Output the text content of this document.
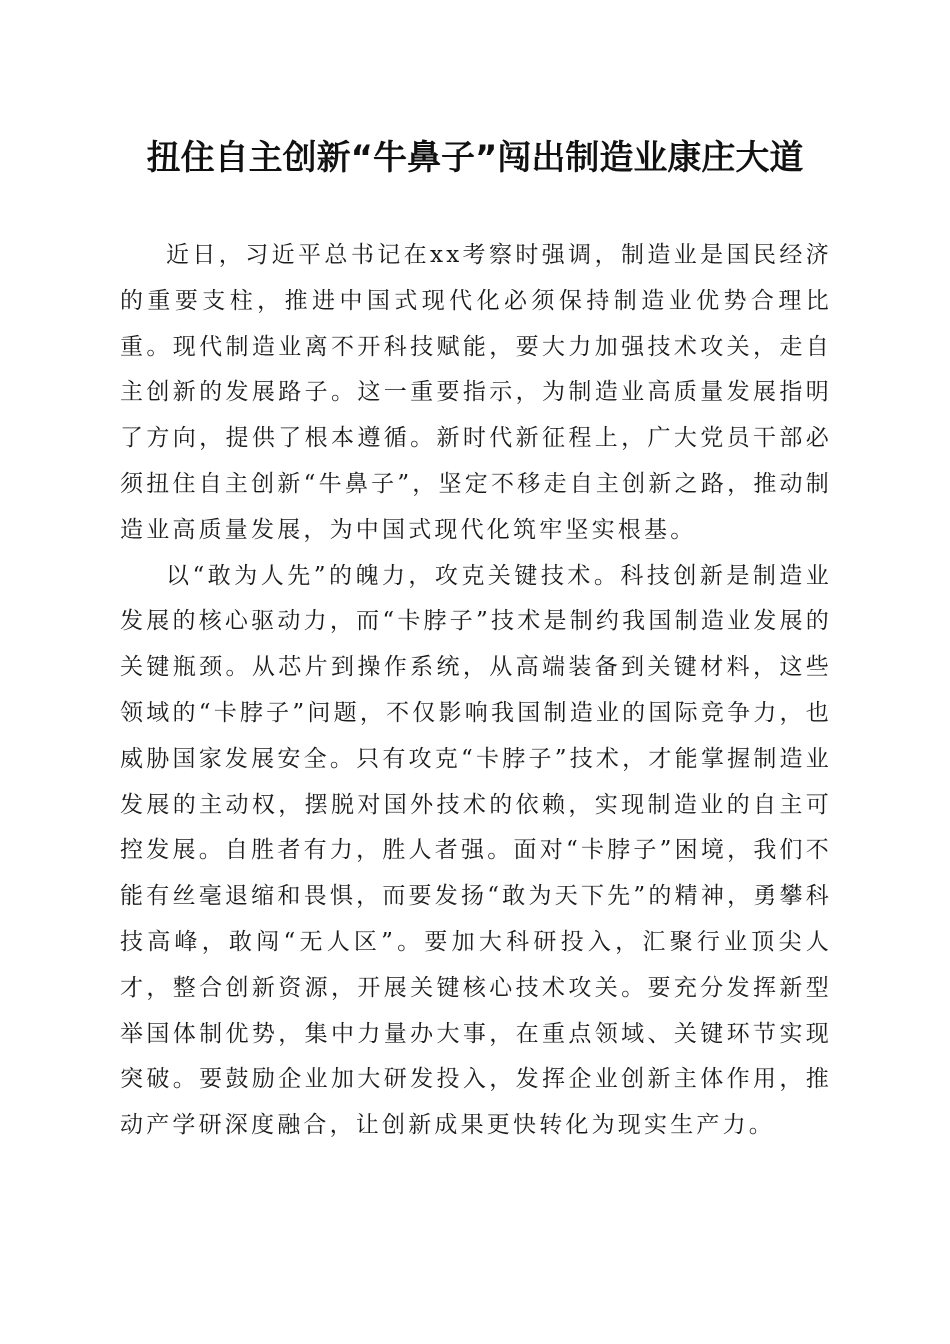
扭住自主创新“牛鼻子”闯出制造业康庄大道

近日，习近平总书记在xx考察时强调，制造业是国民经济的重要支柱，推进中国式现代化必须保持制造业优势合理比重。现代制造业离不开科技赋能，要大力加强技术攻关，走自主创新的发展路子。这一重要指示，为制造业高质量发展指明了方向，提供了根本遵循。新时代新征程上，广大党员干部必须扭住自主创新“牛鼻子”，坚定不移走自主创新之路，推动制造业高质量发展，为中国式现代化筑牢坚实根基。

以“敢为人先”的魄力，攻克关键技术。科技创新是制造业发展的核心驱动力，而“卡脖子”技术是制约我国制造业发展的关键瓶颈。从芯片到操作系统，从高端装备到关键材料，这些领域的“卡脖子”问题，不仅影响我国制造业的国际竞争力，也威胁国家发展安全。只有攻克“卡脖子”技术，才能掌握制造业发展的主动权，摆脱对国外技术的依赖，实现制造业的自主可控发展。自胜者有力，胜人者强。面对“卡脖子”困境，我们不能有丝毫退缩和畏惧，而要发扬“敢为天下先”的精神，勇攀科技高峰，敢闯“无人区”。要加大科研投入，汇聚行业顶尖人才，整合创新资源，开展关键核心技术攻关。要充分发挥新型举国体制优势，集中力量办大事，在重点领域、关键环节实现突破。要鼓励企业加大研发投入，发挥企业创新主体作用，推动产学研深度融合，让创新成果更快转化为现实生产力。
